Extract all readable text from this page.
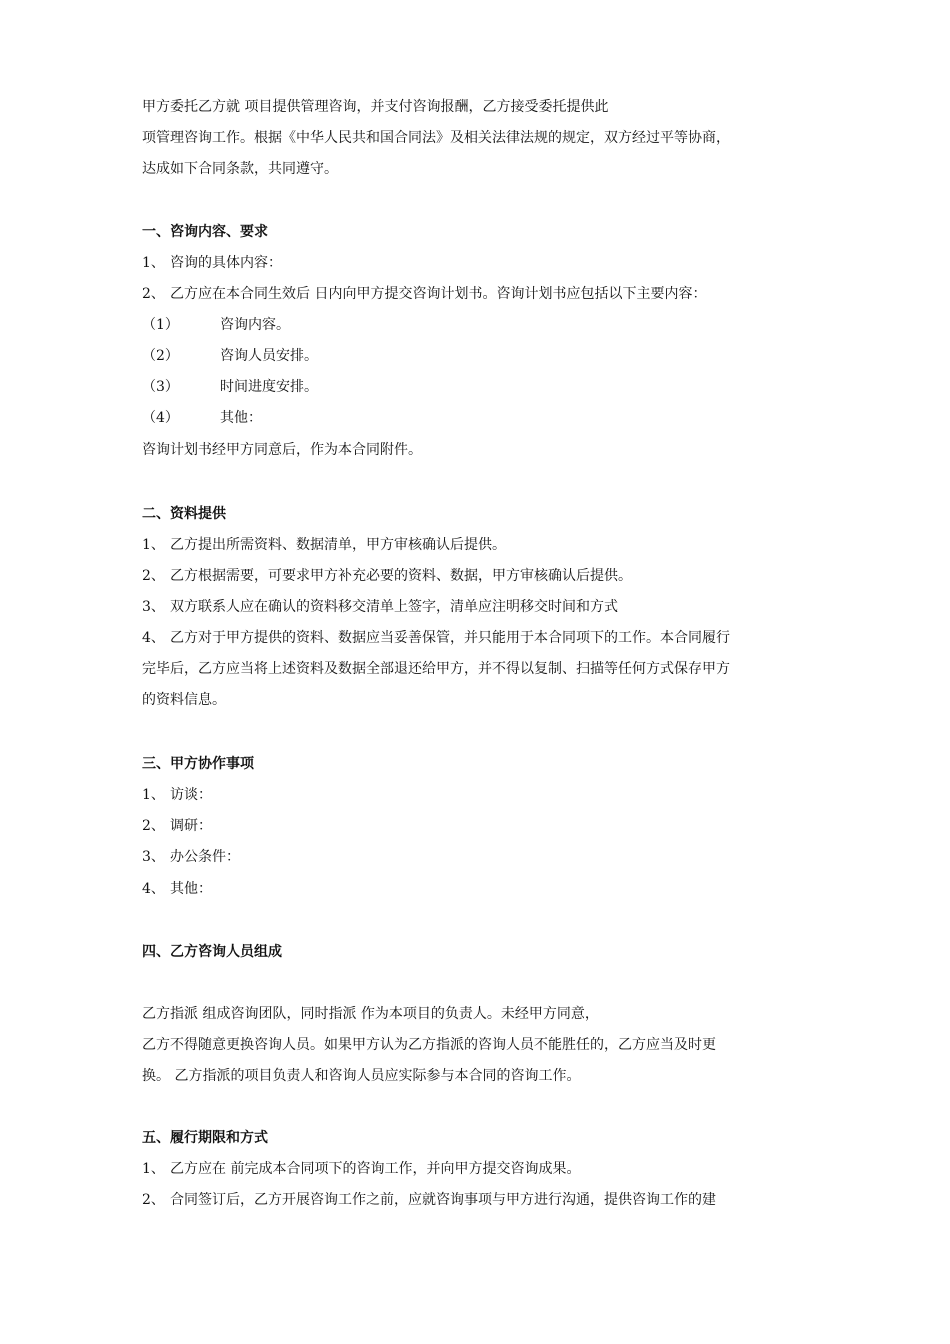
甲方委托乙方就 项目提供管理咨询，并支付咨询报酬，乙方接受委托提供此
项管理咨询工作。根据《中华人民共和国合同法》及相关法律法规的规定，双方经过平等协商，
达成如下合同条款，共同遵守。
一、咨询内容、要求
1、 咨询的具体内容：
2、 乙方应在本合同生效后 日内向甲方提交咨询计划书。咨询计划书应包括以下主要内容：
（1）	咨询内容。
（2）	咨询人员安排。
（3）	时间进度安排。
（4）	其他：
咨询计划书经甲方同意后，作为本合同附件。
二、资料提供
1、 乙方提出所需资料、数据清单，甲方审核确认后提供。
2、 乙方根据需要，可要求甲方补充必要的资料、数据，甲方审核确认后提供。
3、 双方联系人应在确认的资料移交清单上签字，清单应注明移交时间和方式
4、 乙方对于甲方提供的资料、数据应当妥善保管，并只能用于本合同项下的工作。本合同履行
完毕后，乙方应当将上述资料及数据全部退还给甲方，并不得以复制、扫描等任何方式保存甲方
的资料信息。
三、甲方协作事项
1、 访谈：
2、 调研：
3、 办公条件：
4、 其他：
四、乙方咨询人员组成
乙方指派 组成咨询团队，同时指派 作为本项目的负责人。未经甲方同意，
乙方不得随意更换咨询人员。如果甲方认为乙方指派的咨询人员不能胜任的，乙方应当及时更
换。 乙方指派的项目负责人和咨询人员应实际参与本合同的咨询工作。
五、履行期限和方式
1、 乙方应在 前完成本合同项下的咨询工作，并向甲方提交咨询成果。
2、 合同签订后，乙方开展咨询工作之前，应就咨询事项与甲方进行沟通，提供咨询工作的建
